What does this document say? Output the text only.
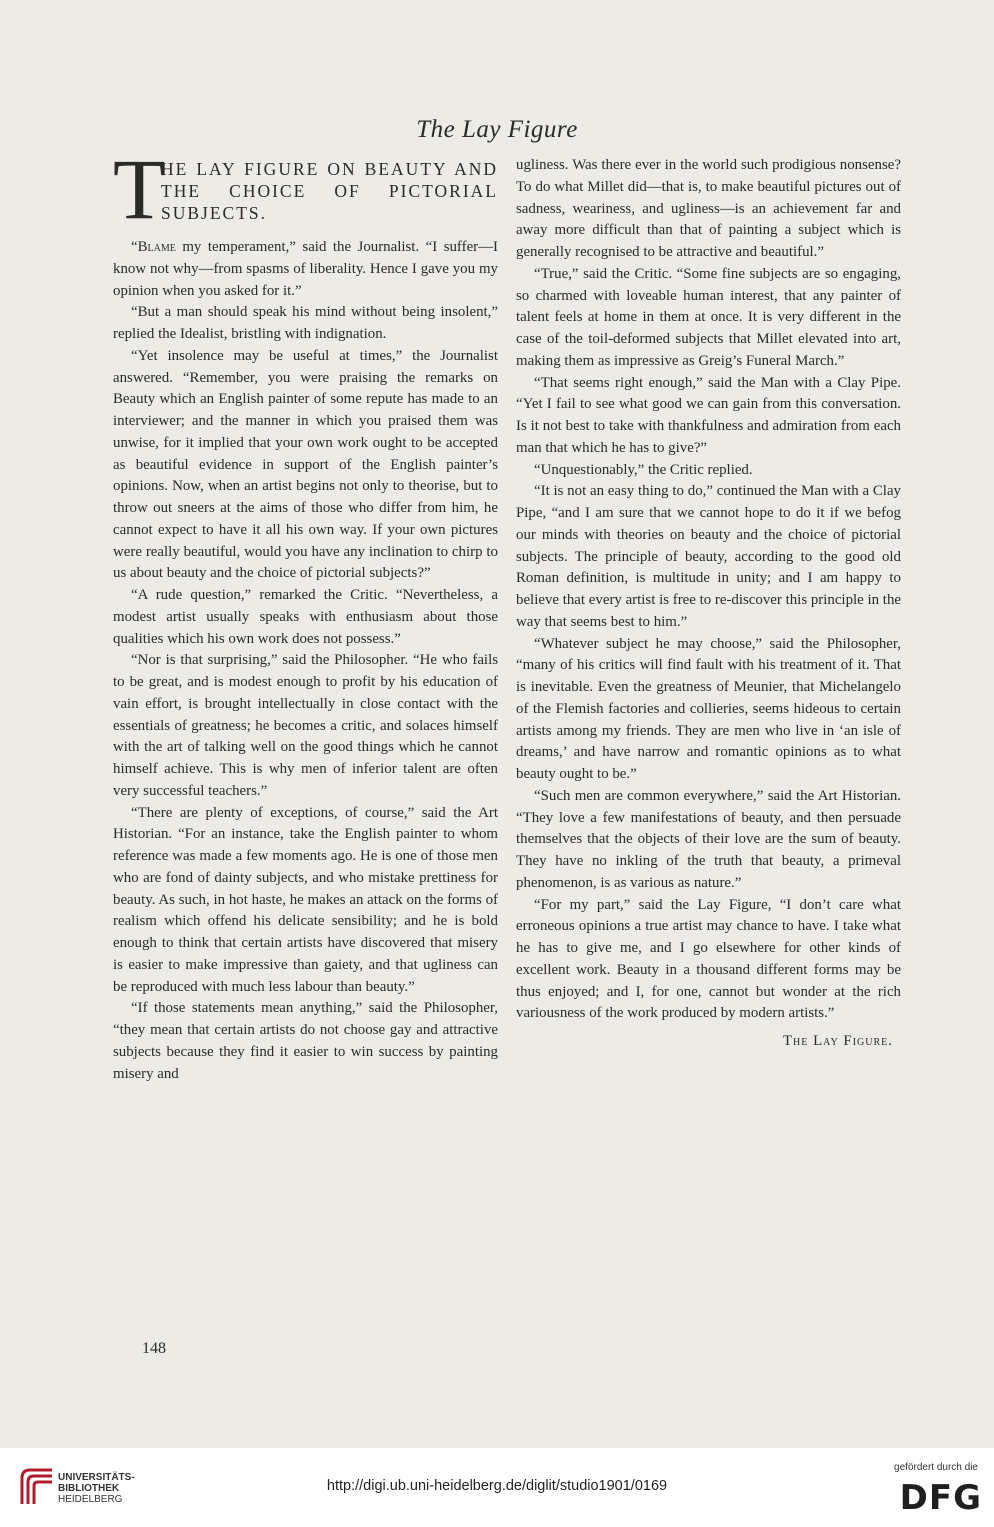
The Lay Figure
T
HE LAY FIGURE ON BEAUTY AND THE CHOICE OF PICTORIAL SUBJECTS.

“Blame my temperament,” said the Journalist. “I suffer—I know not why—from spasms of liberality. Hence I gave you my opinion when you asked for it.”

“But a man should speak his mind without being insolent,” replied the Idealist, bristling with indignation.

“Yet insolence may be useful at times,” the Journalist answered. “Remember, you were praising the remarks on Beauty which an English painter of some repute has made to an interviewer; and the manner in which you praised them was unwise, for it implied that your own work ought to be accepted as beautiful evidence in support of the English painter’s opinions. Now, when an artist begins not only to theorise, but to throw out sneers at the aims of those who differ from him, he cannot expect to have it all his own way. If your own pictures were really beautiful, would you have any inclination to chirp to us about beauty and the choice of pictorial subjects?”

“A rude question,” remarked the Critic. “Nevertheless, a modest artist usually speaks with enthusiasm about those qualities which his own work does not possess.”

“Nor is that surprising,” said the Philosopher. “He who fails to be great, and is modest enough to profit by his education of vain effort, is brought intellectually in close contact with the essentials of greatness; he becomes a critic, and solaces himself with the art of talking well on the good things which he cannot himself achieve. This is why men of inferior talent are often very successful teachers.”

“There are plenty of exceptions, of course,” said the Art Historian. “For an instance, take the English painter to whom reference was made a few moments ago. He is one of those men who are fond of dainty subjects, and who mistake prettiness for beauty. As such, in hot haste, he makes an attack on the forms of realism which offend his delicate sensibility; and he is bold enough to think that certain artists have discovered that misery is easier to make impressive than gaiety, and that ugliness can be reproduced with much less labour than beauty.”

“If those statements mean anything,” said the Philosopher, “they mean that certain artists do not choose gay and attractive subjects because they find it easier to win success by painting misery and

ugliness. Was there ever in the world such prodigious nonsense? To do what Millet did—that is, to make beautiful pictures out of sadness, weariness, and ugliness—is an achievement far and away more difficult than that of painting a subject which is generally recognised to be attractive and beautiful.”

“True,” said the Critic. “Some fine subjects are so engaging, so charmed with loveable human interest, that any painter of talent feels at home in them at once. It is very different in the case of the toil-deformed subjects that Millet elevated into art, making them as impressive as Greig’s Funeral March.”

“That seems right enough,” said the Man with a Clay Pipe. “Yet I fail to see what good we can gain from this conversation. Is it not best to take with thankfulness and admiration from each man that which he has to give?”

“Unquestionably,” the Critic replied.

“It is not an easy thing to do,” continued the Man with a Clay Pipe, “and I am sure that we cannot hope to do it if we befog our minds with theories on beauty and the choice of pictorial subjects. The principle of beauty, according to the good old Roman definition, is multitude in unity; and I am happy to believe that every artist is free to re-discover this principle in the way that seems best to him.”

“Whatever subject he may choose,” said the Philosopher, “many of his critics will find fault with his treatment of it. That is inevitable. Even the greatness of Meunier, that Michelangelo of the Flemish factories and collieries, seems hideous to certain artists among my friends. They are men who live in ‘an isle of dreams,’ and have narrow and romantic opinions as to what beauty ought to be.”

“Such men are common everywhere,” said the Art Historian. “They love a few manifestations of beauty, and then persuade themselves that the objects of their love are the sum of beauty. They have no inkling of the truth that beauty, a primeval phenomenon, is as various as nature.”

“For my part,” said the Lay Figure, “I don’t care what erroneous opinions a true artist may chance to have. I take what he has to give me, and I go elsewhere for other kinds of excellent work. Beauty in a thousand different forms may be thus enjoyed; and I, for one, cannot but wonder at the rich variousness of the work produced by modern artists.”

The Lay Figure.
148
UNIVERSITÄTS-
BIBLIOTHEK
HEIDELBERG
http://digi.ub.uni-heidelberg.de/diglit/studio1901/0169
gefördert durch die
DFG
